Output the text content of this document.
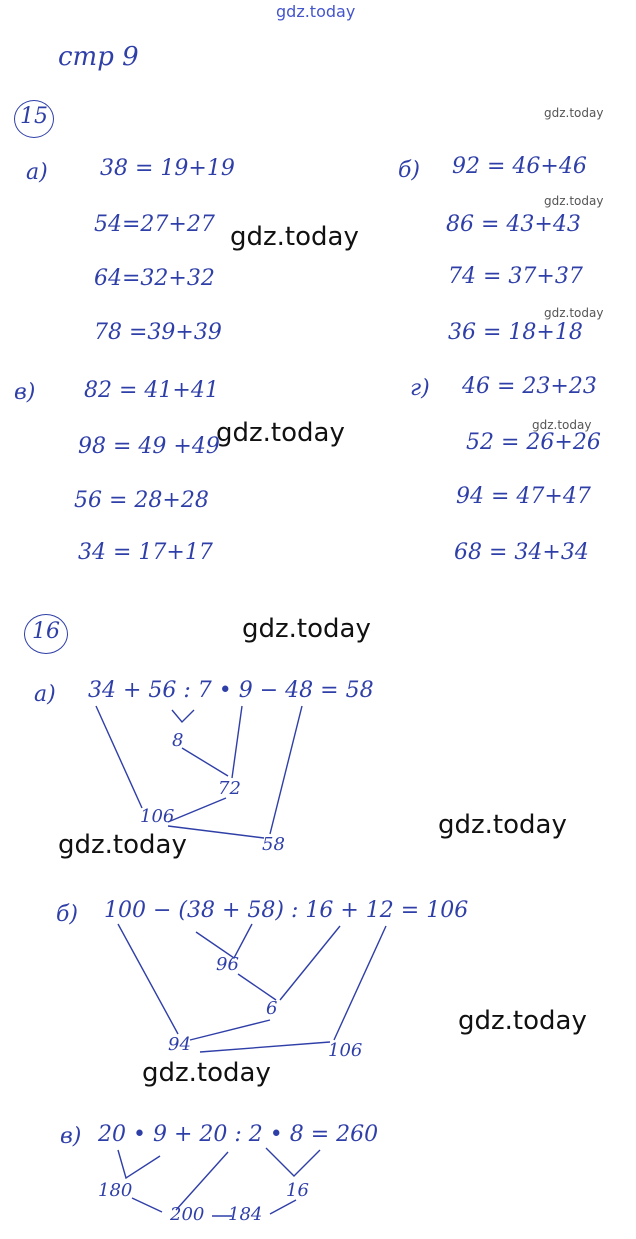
gdz.today
gdz.today
gdz.today
gdz.today
gdz.today
gdz.today
gdz.today
gdz.today
gdz.today
gdz.today
gdz.today
gdz.today
стр 9
15
а) 38 = 19+19
54=27+27
64=32+32
78 =39+39
б) 92 = 46+46
86 = 43+43
74 = 37+37
36 = 18+18
в) 82 = 41+41
98 = 49 +49
56 = 28+28
34 = 17+17
г) 46 = 23+23
52 = 26+26
94 = 47+47
68 = 34+34
16
а) 34 + 56 : 7 • 9 − 48 = 58
8
72
106
58
б) 100 − (38 + 58) : 16 + 12 = 106
96
6
94	106
в) 20 • 9 + 20 : 2 • 8 = 260
180	16
200 184
